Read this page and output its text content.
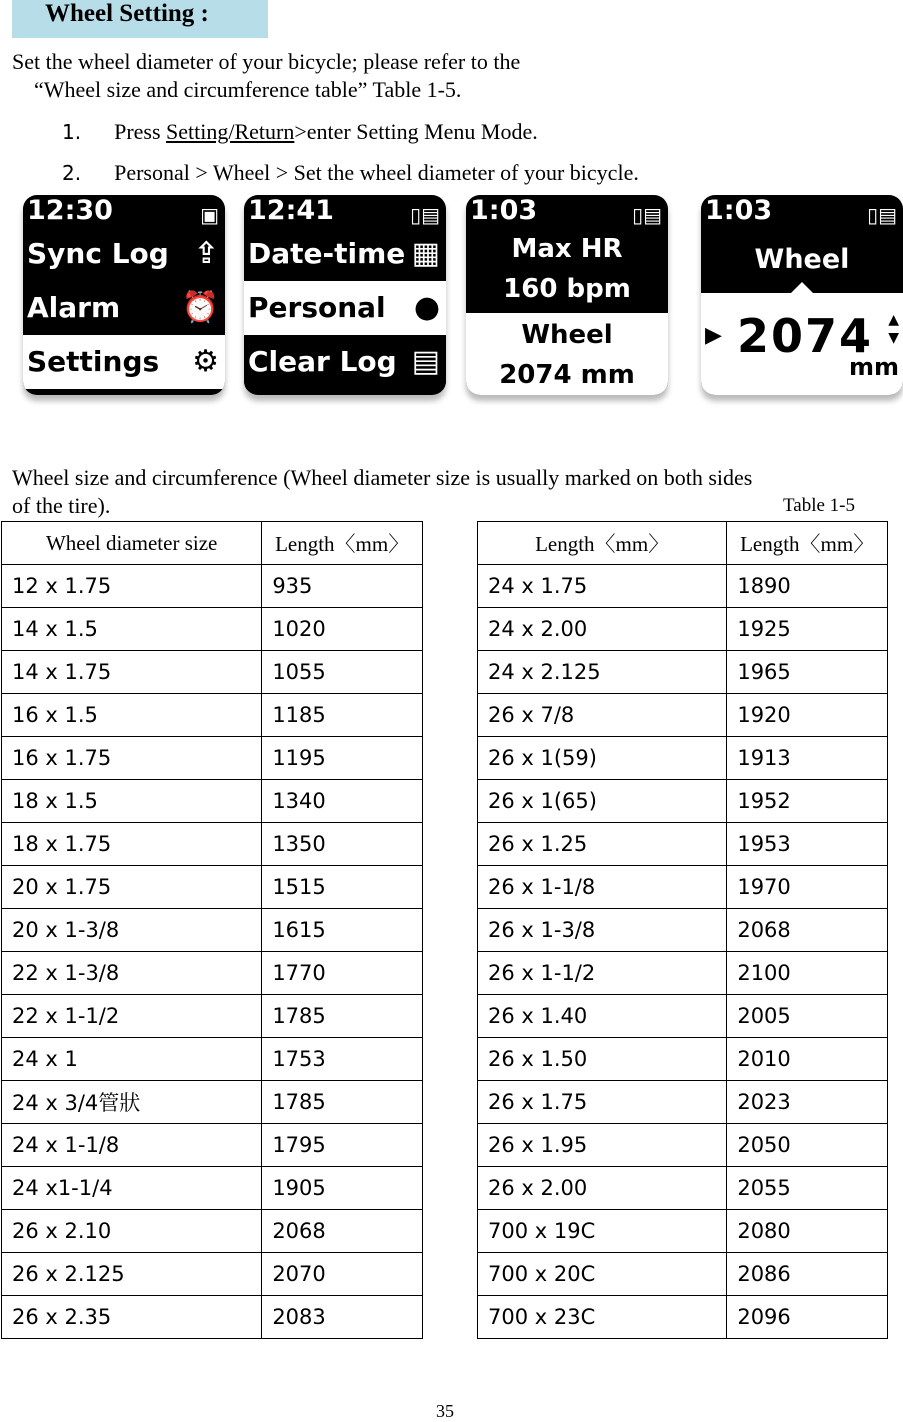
Wheel Setting :
Set the wheel diameter of your bicycle; please refer to the
“Wheel size and circumference table” Table 1-5.
1. Press Setting/Return>enter Setting Menu Mode.
2. Personal > Wheel > Set the wheel diameter of your bicycle.
12:30	▣
Sync Log ⇪
Alarm ⏰
Settings ⚙
12:41	▯▤
Date-time ▦
Personal ●
Clear Log ▤
1:03	▯▤
Max HR
160 bpm
Wheel
2074 mm
1:03	▯▤
Wheel
▶ 2074 ▲
▼
mm
Wheel size and circumference (Wheel diameter size is usually marked on both sides
of the tire).	Table 1-5
Wheel diameter size	Length〈mm〉
12 x 1.75	935
14 x 1.5	1020
14 x 1.75	1055
16 x 1.5	1185
16 x 1.75	1195
18 x 1.5	1340
18 x 1.75	1350
20 x 1.75	1515
20 x 1-3/8	1615
22 x 1-3/8	1770
22 x 1-1/2	1785
24 x 1	1753
24 x 3/4管狀	1785
24 x 1-1/8	1795
24 x1-1/4	1905
26 x 2.10	2068
26 x 2.125	2070
26 x 2.35	2083
Length〈mm〉	Length〈mm〉
24 x 1.75	1890
24 x 2.00	1925
24 x 2.125	1965
26 x 7/8	1920
26 x 1(59)	1913
26 x 1(65)	1952
26 x 1.25	1953
26 x 1-1/8	1970
26 x 1-3/8	2068
26 x 1-1/2	2100
26 x 1.40	2005
26 x 1.50	2010
26 x 1.75	2023
26 x 1.95	2050
26 x 2.00	2055
700 x 19C	2080
700 x 20C	2086
700 x 23C	2096
35
